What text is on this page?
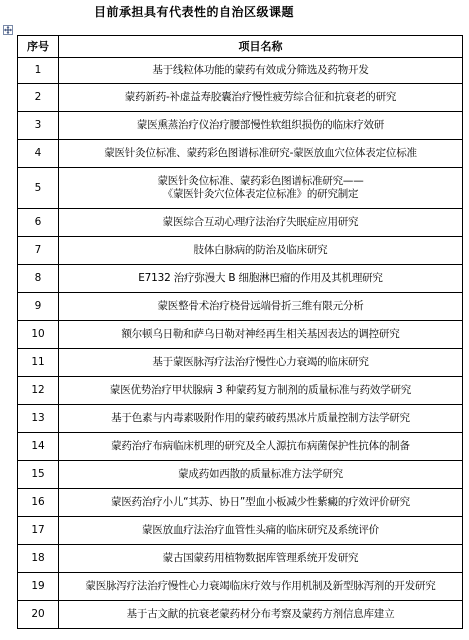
目前承担具有代表性的自治区级课题
序号	项目名称
1	基于线粒体功能的蒙药有效成分筛选及药物开发
2	蒙药新药-补虚益寿胶囊治疗慢性疲劳综合征和抗衰老的研究
3	蒙医熏蒸治疗仪治疗腰部慢性软组织损伤的临床疗效研
4	蒙医针灸位标准、蒙药彩色图谱标准研究-蒙医放血穴位体表定位标准
5	蒙医针灸位标准、蒙药彩色图谱标准研究——
《蒙医针灸穴位体表定位标准》的研究制定

6	蒙医综合互动心理疗法治疗失眠症应用研究
7	肢体白脉病的防治及临床研究
8	E7132 治疗弥漫大 B 细胞淋巴瘤的作用及其机理研究
9	蒙医整骨术治疗桡骨远端骨折三维有限元分析
10	额尔顿乌日勒和萨乌日勒对神经再生相关基因表达的调控研究
11	基于蒙医脉泻疗法治疗慢性心力衰竭的临床研究
12	蒙医优势治疗甲状腺病 3 种蒙药复方制剂的质量标准与药效学研究
13	基于色素与内毒素吸附作用的蒙药破药黑冰片质量控制方法学研究
14	蒙药治疗布病临床机理的研究及全人源抗布病菌保护性抗体的制备
15	蒙成药如西散的质量标准方法学研究
16	蒙医药治疗小儿“其苏、协日”型血小板减少性紫癜的疗效评价研究
17	蒙医放血疗法治疗血管性头痛的临床研究及系统评价
18	蒙古国蒙药用植物数据库管理系统开发研究
19	蒙医脉泻疗法治疗慢性心力衰竭临床疗效与作用机制及新型脉泻剂的开发研究
20	基于古文献的抗衰老蒙药材分布考察及蒙药方剂信息库建立
